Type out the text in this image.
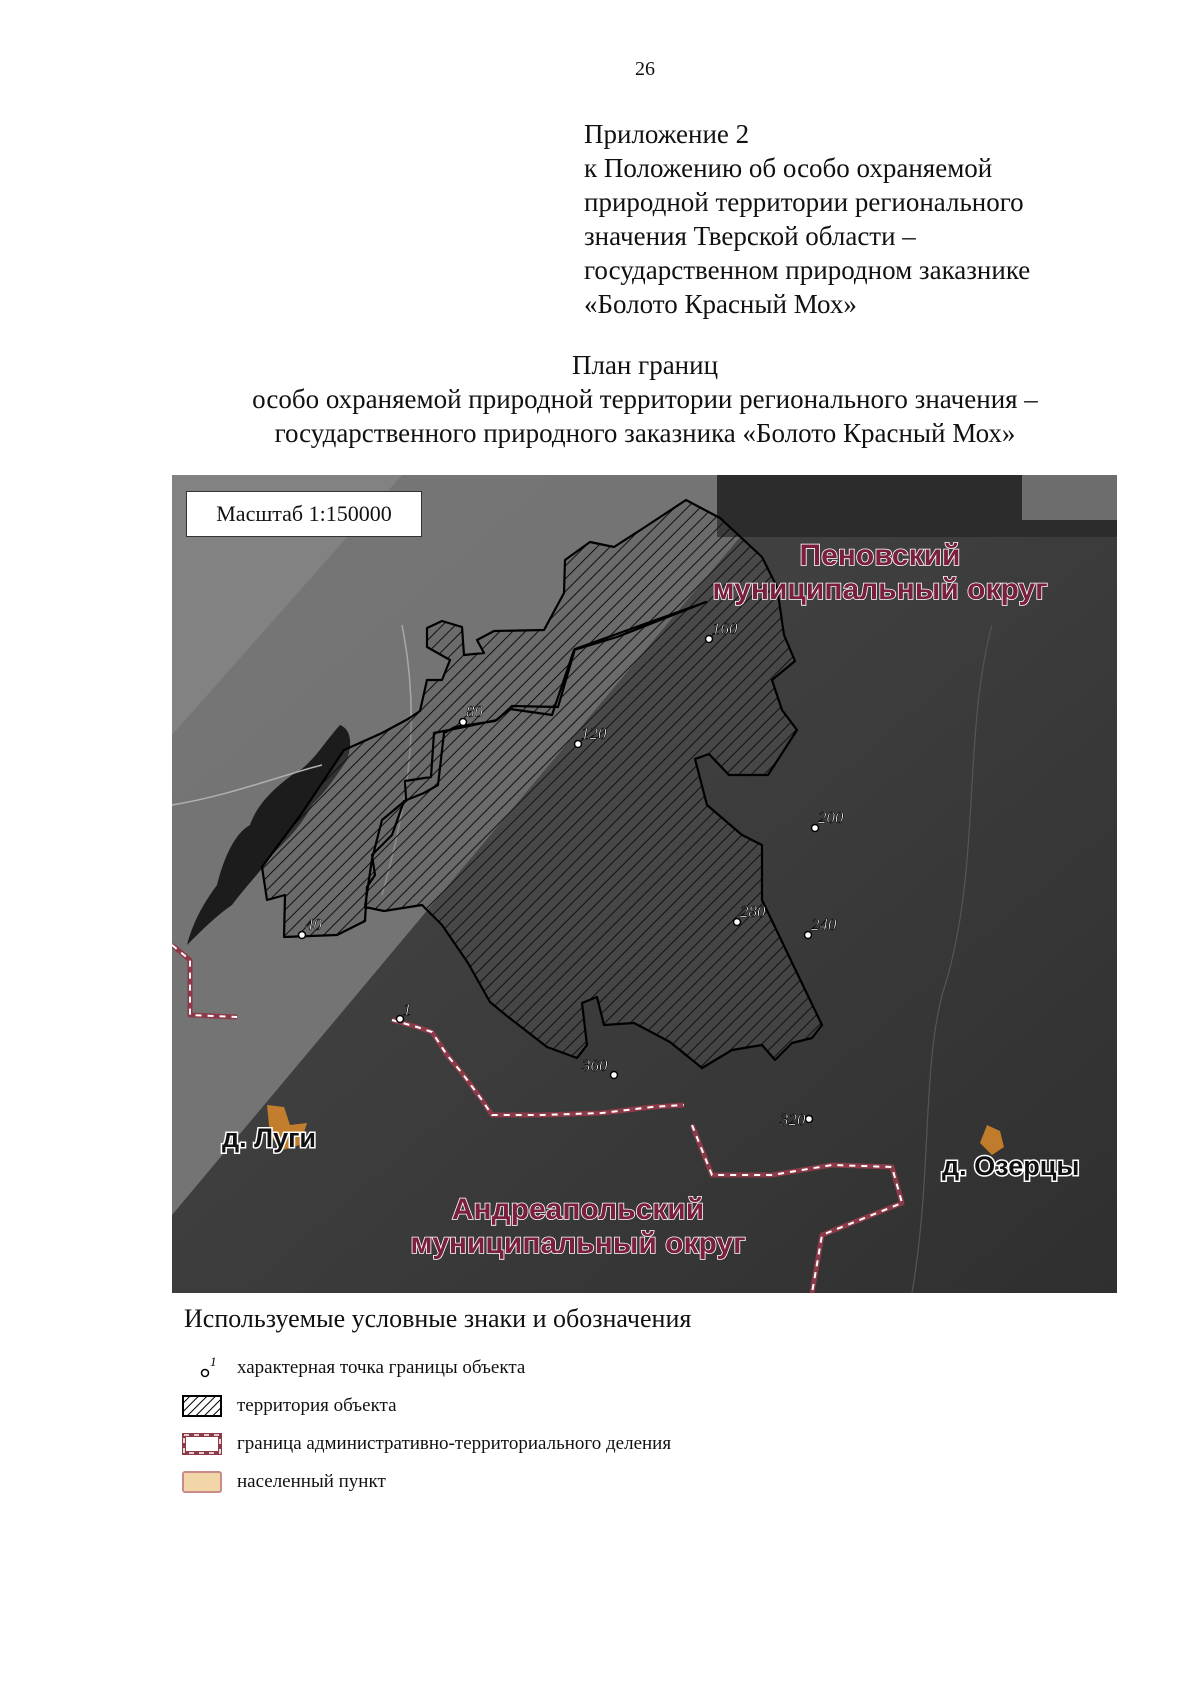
26
Приложение 2
к Положению об особо охраняемой
природной территории регионального
значения Тверской области –
государственном природном заказнике
«Болото Красный Мох»
План границ
особо охраняемой природной территории регионального значения –
государственного природного заказника «Болото Красный Мох»
1
40
80
120
160
200
240
280
320
360
Пеновский
муниципальный округ
Андреапольский
муниципальный округ
д. Луги
д. Озерцы
Масштаб 1:150000
Используемые условные знаки и обозначения
1 характерная точка границы объекта
территория объекта
граница административно-территориального деления
населенный пункт
